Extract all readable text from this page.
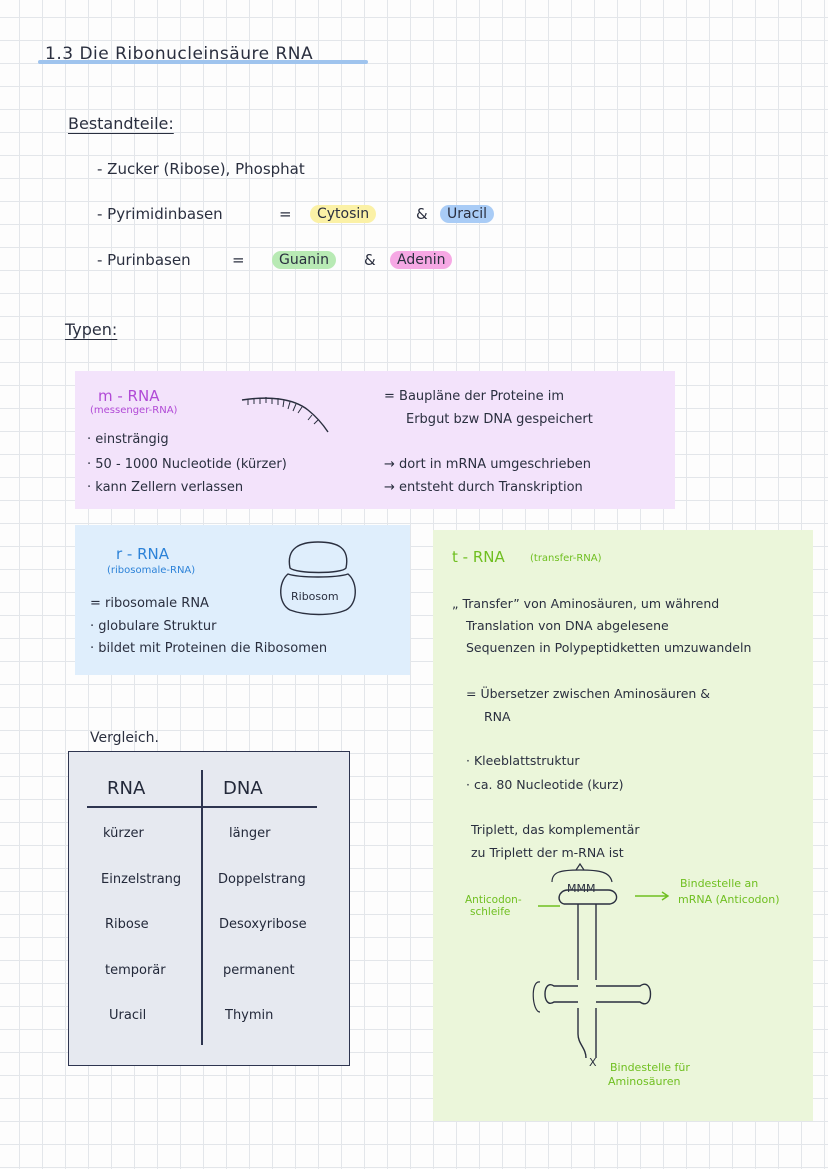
1.3 Die Ribonucleinsäure RNA
Bestandteile:
- Zucker (Ribose), Phosphat
- Pyrimidinbasen	=	Cytosin	&	Uracil
- Purinbasen	=	Guanin	&	Adenin
Typen:
m - RNA
(messenger-RNA)
· einsträngig
· 50 - 1000 Nucleotide (kürzer)
· kann Zellern verlassen
= Baupläne der Proteine im
Erbgut bzw DNA gespeichert
→ dort in mRNA umgeschrieben
→ entsteht durch Transkription
r - RNA
(ribosomale-RNA)
Ribosom
= ribosomale RNA
· globulare Struktur
· bildet mit Proteinen die Ribosomen
t - RNA	(transfer-RNA)
„ Transfer” von Aminosäuren, um während
Translation von DNA abgelesene
Sequenzen in Polypeptidketten umzuwandeln
= Übersetzer zwischen Aminosäuren &
RNA
· Kleeblattstruktur
· ca. 80 Nucleotide (kurz)
Triplett, das komplementär
zu Triplett der m-RNA ist
MMM
Anticodon-
schleife
Bindestelle an
mRNA (Anticodon)
X Bindestelle für
Aminosäuren
Vergleich.
RNA	DNA
kürzer	länger
Einzelstrang	Doppelstrang
Ribose	Desoxyribose
temporär	permanent
Uracil	Thymin
